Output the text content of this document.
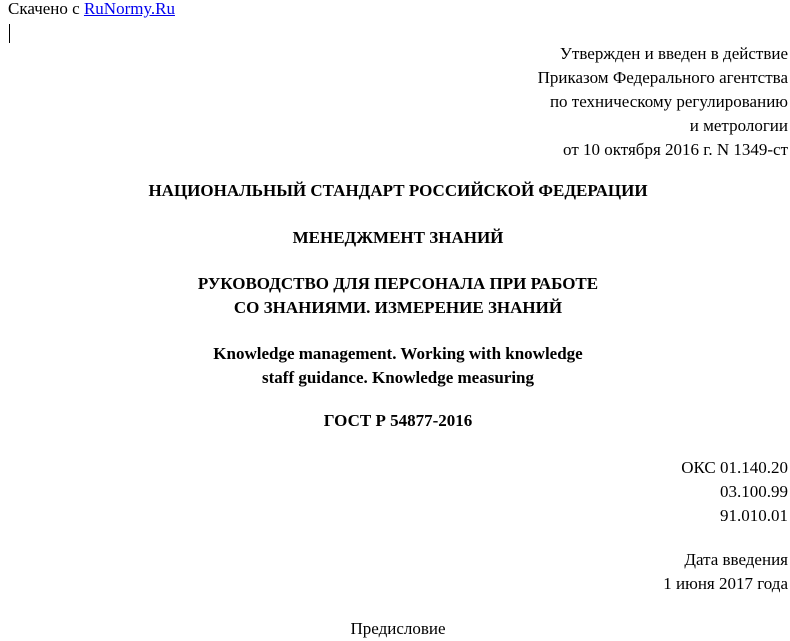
Скачено с RuNormy.Ru
Утвержден и введен в действие
Приказом Федерального агентства
по техническому регулированию
и метрологии
от 10 октября 2016 г. N 1349-ст
НАЦИОНАЛЬНЫЙ СТАНДАРТ РОССИЙСКОЙ ФЕДЕРАЦИИ
МЕНЕДЖМЕНТ ЗНАНИЙ
РУКОВОДСТВО ДЛЯ ПЕРСОНАЛА ПРИ РАБОТЕ
СО ЗНАНИЯМИ. ИЗМЕРЕНИЕ ЗНАНИЙ
Knowledge management. Working with knowledge
staff guidance. Knowledge measuring
ГОСТ Р 54877-2016
ОКС 01.140.20
03.100.99
91.010.01
Дата введения
1 июня 2017 года
Предисловие
